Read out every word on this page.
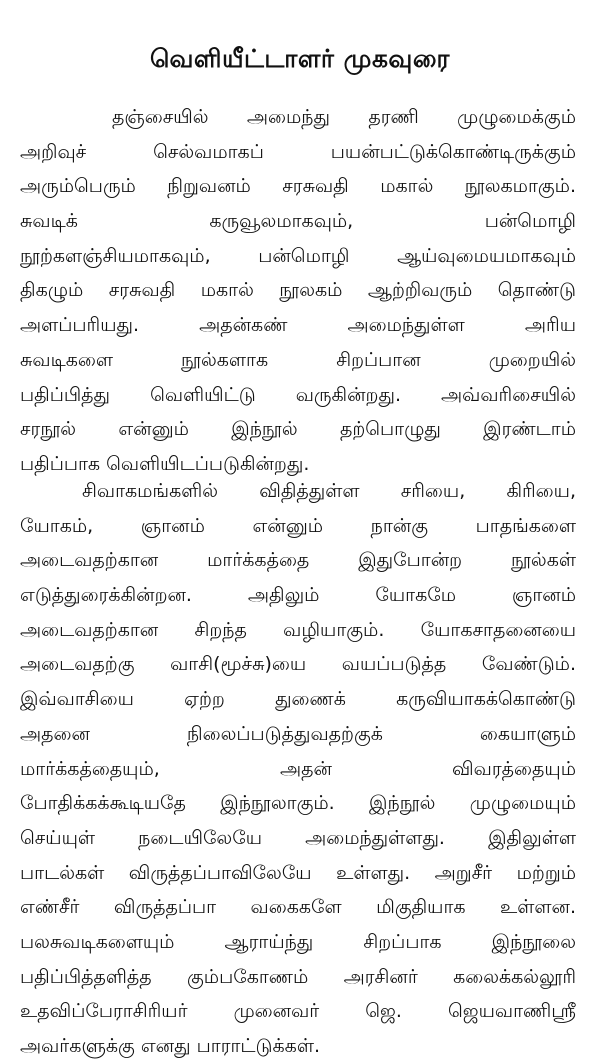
வெளியீட்டாளர் முகவுரை
தஞ்சையில் அமைந்து தரணி முழுமைக்கும்
அறிவுச் செல்வமாகப் பயன்பட்டுக்கொண்டிருக்கும்
அரும்பெரும் நிறுவனம் சரசுவதி மகால் நூலகமாகும்.
சுவடிக் கருவூலமாகவும், பன்மொழி
நூற்களஞ்சியமாகவும், பன்மொழி ஆய்வுமையமாகவும்
திகழும் சரசுவதி மகால் நூலகம் ஆற்றிவரும் தொண்டு
அளப்பரியது. அதன்கண் அமைந்துள்ள அரிய
சுவடிகளை நூல்களாக சிறப்பான முறையில்
பதிப்பித்து வெளியிட்டு வருகின்றது. அவ்வரிசையில்
சரநூல் என்னும் இந்நூல் தற்பொழுது இரண்டாம்
பதிப்பாக வெளியிடப்படுகின்றது.
சிவாகமங்களில் விதித்துள்ள சரியை, கிரியை,
யோகம், ஞானம் என்னும் நான்கு பாதங்களை
அடைவதற்கான மார்க்கத்தை இதுபோன்ற நூல்கள்
எடுத்துரைக்கின்றன. அதிலும் யோகமே ஞானம்
அடைவதற்கான சிறந்த வழியாகும். யோகசாதனையை
அடைவதற்கு வாசி(மூச்சு)யை வயப்படுத்த வேண்டும்.
இவ்வாசியை ஏற்ற துணைக் கருவியாகக்கொண்டு
அதனை நிலைப்படுத்துவதற்குக் கையாளும்
மார்க்கத்தையும், அதன் விவரத்தையும்
போதிக்கக்கூடியதே இந்நூலாகும். இந்நூல் முழுமையும்
செய்யுள் நடையிலேயே அமைந்துள்ளது. இதிலுள்ள
பாடல்கள் விருத்தப்பாவிலேயே உள்ளது. அறுசீர் மற்றும்
எண்சீர் விருத்தப்பா வகைகளே மிகுதியாக உள்ளன.
பலசுவடிகளையும் ஆராய்ந்து சிறப்பாக இந்நூலை
பதிப்பித்தளித்த கும்பகோணம் அரசினர் கலைக்கல்லூரி
உதவிப்பேராசிரியர் முனைவர் ஜெ. ஜெயவாணிஸ்ரீ
அவர்களுக்கு எனது பாராட்டுக்கள்.
